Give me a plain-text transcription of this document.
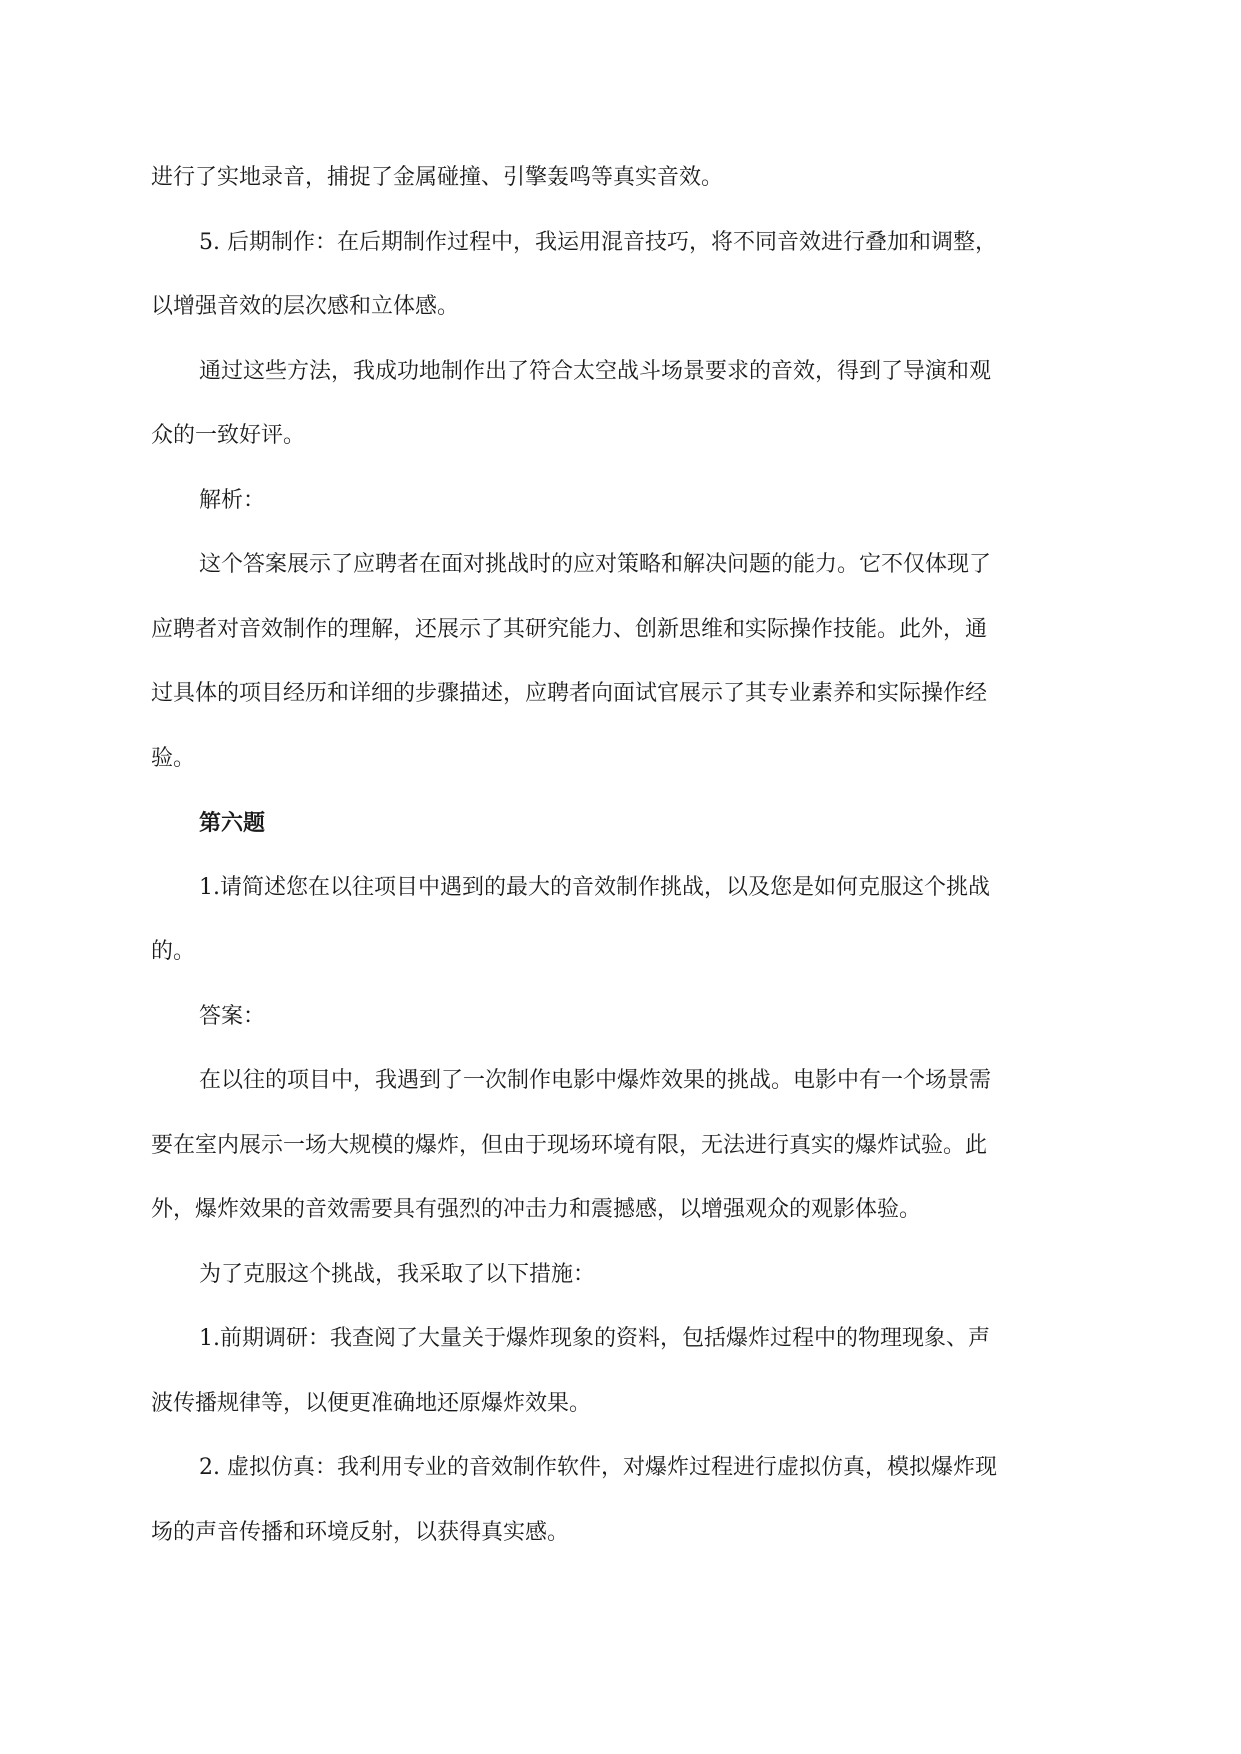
进行了实地录音，捕捉了金属碰撞、引擎轰鸣等真实音效。
5. 后期制作：在后期制作过程中，我运用混音技巧，将不同音效进行叠加和调整，
以增强音效的层次感和立体感。
通过这些方法，我成功地制作出了符合太空战斗场景要求的音效，得到了导演和观
众的一致好评。
解析：
这个答案展示了应聘者在面对挑战时的应对策略和解决问题的能力。它不仅体现了
应聘者对音效制作的理解，还展示了其研究能力、创新思维和实际操作技能。此外，通
过具体的项目经历和详细的步骤描述，应聘者向面试官展示了其专业素养和实际操作经
验。
第六题
1.请简述您在以往项目中遇到的最大的音效制作挑战，以及您是如何克服这个挑战
的。
答案：
在以往的项目中，我遇到了一次制作电影中爆炸效果的挑战。电影中有一个场景需
要在室内展示一场大规模的爆炸，但由于现场环境有限，无法进行真实的爆炸试验。此
外，爆炸效果的音效需要具有强烈的冲击力和震撼感，以增强观众的观影体验。
为了克服这个挑战，我采取了以下措施：
1.前期调研：我查阅了大量关于爆炸现象的资料，包括爆炸过程中的物理现象、声
波传播规律等，以便更准确地还原爆炸效果。
2. 虚拟仿真：我利用专业的音效制作软件，对爆炸过程进行虚拟仿真，模拟爆炸现
场的声音传播和环境反射，以获得真实感。
